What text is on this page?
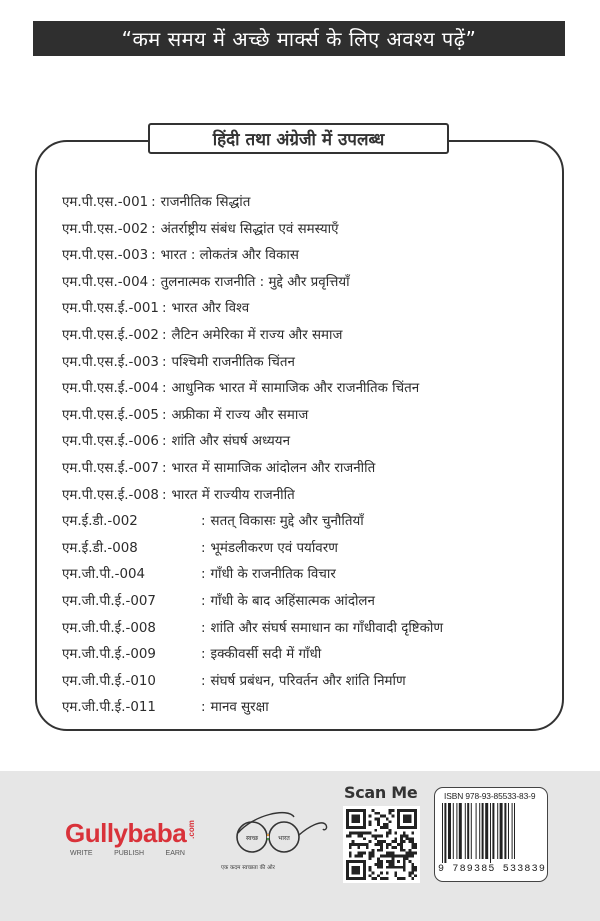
“कम समय में अच्छे मार्क्स के लिए अवश्य पढ़ें”
हिंदी तथा अंग्रेजी में उपलब्ध
एम.पी.एस.-001 : राजनीतिक सिद्धांत
एम.पी.एस.-002 : अंतर्राष्ट्रीय संबंध सिद्धांत एवं समस्याएँ
एम.पी.एस.-003 : भारत : लोकतंत्र और विकास
एम.पी.एस.-004 : तुलनात्मक राजनीति : मुद्दे और प्रवृत्तियाँ
एम.पी.एस.ई.-001 : भारत और विश्व
एम.पी.एस.ई.-002 : लैटिन अमेरिका में राज्य और समाज
एम.पी.एस.ई.-003 : पश्चिमी राजनीतिक चिंतन
एम.पी.एस.ई.-004 : आधुनिक भारत में सामाजिक और राजनीतिक चिंतन
एम.पी.एस.ई.-005 : अफ्रीका में राज्य और समाज
एम.पी.एस.ई.-006 : शांति और संघर्ष अध्ययन
एम.पी.एस.ई.-007 : भारत में सामाजिक आंदोलन और राजनीति
एम.पी.एस.ई.-008 : भारत में राज्यीय राजनीति
एम.ई.डी.-002	: सतत् विकासः मुद्दे और चुनौतियाँ
एम.ई.डी.-008	: भूमंडलीकरण एवं पर्यावरण
एम.जी.पी.-004	: गाँधी के राजनीतिक विचार
एम.जी.पी.ई.-007	: गाँधी के बाद अहिंसात्मक आंदोलन
एम.जी.पी.ई.-008	: शांति और संघर्ष समाधान का गाँधीवादी दृष्टिकोण
एम.जी.पी.ई.-009	: इक्कीवर्सी सदी में गाँधी
एम.जी.पी.ई.-010	: संघर्ष प्रबंधन, परिवर्तन और शांति निर्माण
एम.जी.पी.ई.-011	: मानव सुरक्षा
Gullybaba.com
WRITE	PUBLISH	EARN
स्वच्छ	भारत
एक कदम स्वच्छता की ओर
Scan Me	ISBN 978-93-85533-83-9
9 789385 533839
